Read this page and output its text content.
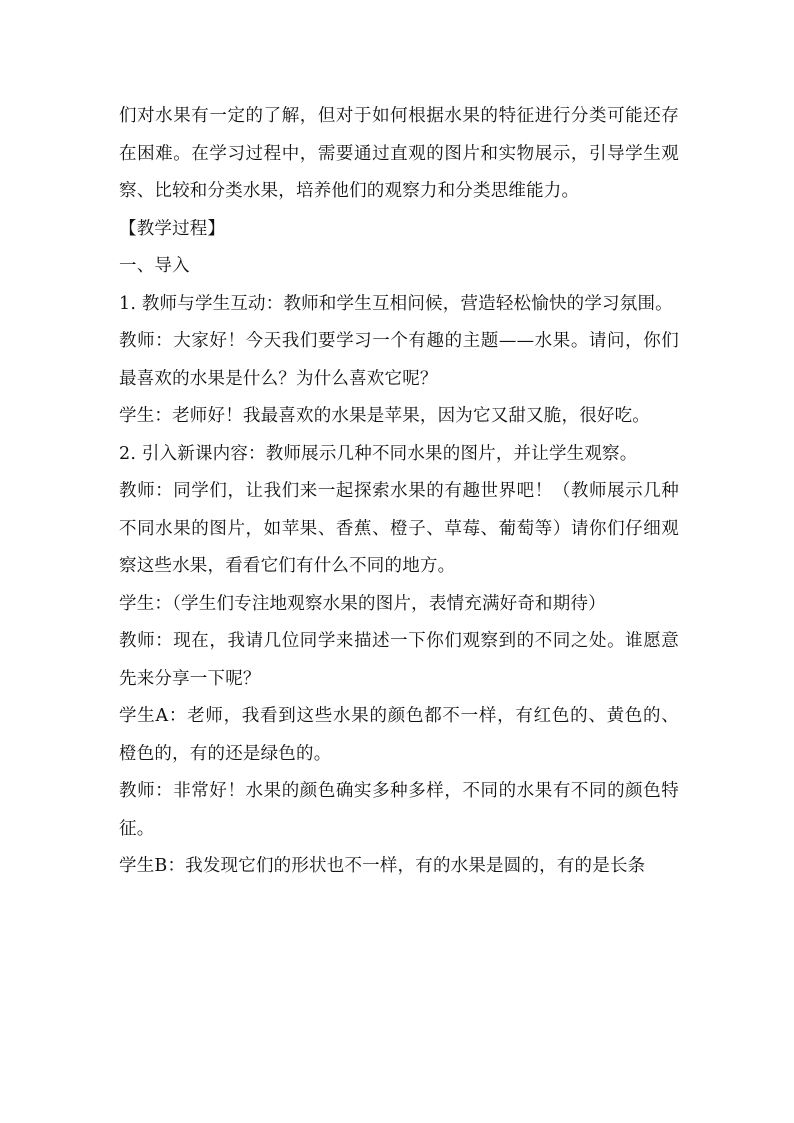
们对水果有一定的了解，但对于如何根据水果的特征进行分类可能还存在困难。在学习过程中，需要通过直观的图片和实物展示，引导学生观察、比较和分类水果，培养他们的观察力和分类思维能力。

【教学过程】

一、导入

1. 教师与学生互动：教师和学生互相问候，营造轻松愉快的学习氛围。

教师：大家好！今天我们要学习一个有趣的主题——水果。请问，你们最喜欢的水果是什么？为什么喜欢它呢？

学生：老师好！我最喜欢的水果是苹果，因为它又甜又脆，很好吃。

2. 引入新课内容：教师展示几种不同水果的图片，并让学生观察。

教师：同学们，让我们来一起探索水果的有趣世界吧！（教师展示几种不同水果的图片，如苹果、香蕉、橙子、草莓、葡萄等）请你们仔细观察这些水果，看看它们有什么不同的地方。

学生：（学生们专注地观察水果的图片，表情充满好奇和期待）

教师：现在，我请几位同学来描述一下你们观察到的不同之处。谁愿意先来分享一下呢？

学生A：老师，我看到这些水果的颜色都不一样，有红色的、黄色的、橙色的，有的还是绿色的。

教师：非常好！水果的颜色确实多种多样，不同的水果有不同的颜色特征。

学生B：我发现它们的形状也不一样，有的水果是圆的，有的是长条
